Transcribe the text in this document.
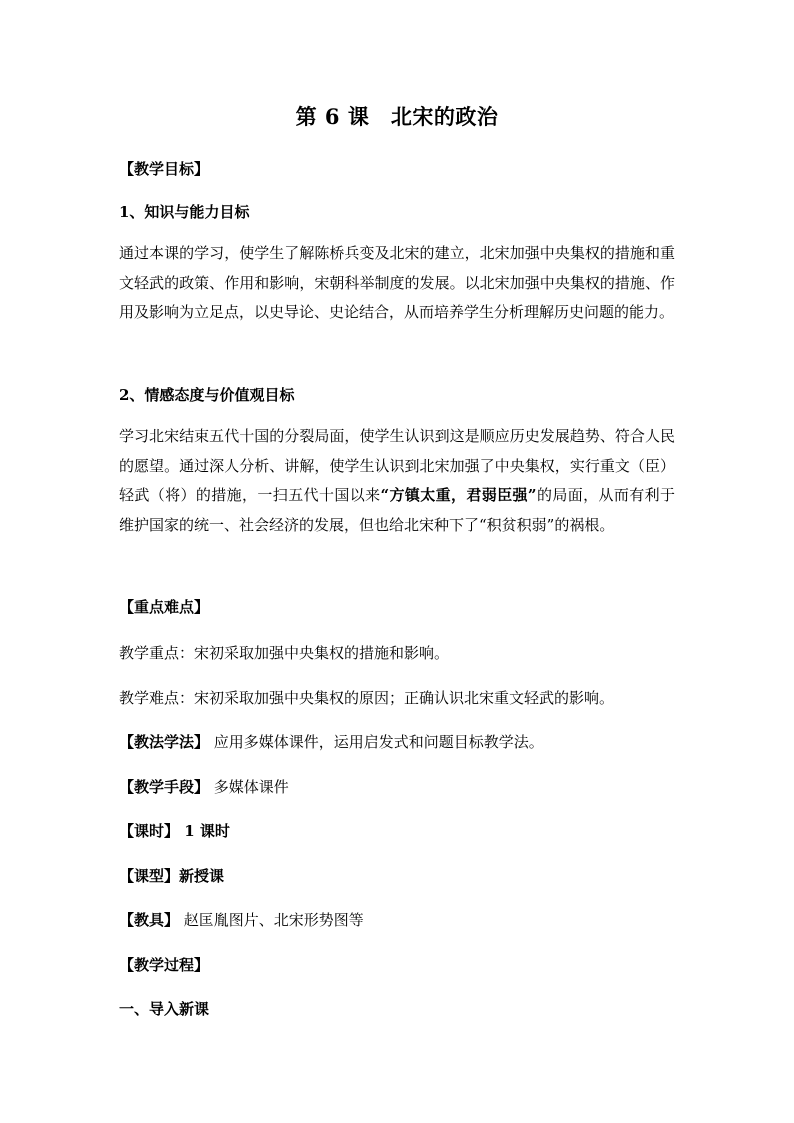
第 6 课　北宋的政治
【教学目标】
1、知识与能力目标
通过本课的学习，使学生了解陈桥兵变及北宋的建立，北宋加强中央集权的措施和重文轻武的政策、作用和影响，宋朝科举制度的发展。以北宋加强中央集权的措施、作用及影响为立足点，以史导论、史论结合，从而培养学生分析理解历史问题的能力。
2、情感态度与价值观目标
学习北宋结束五代十国的分裂局面，使学生认识到这是顺应历史发展趋势、符合人民的愿望。通过深人分析、讲解，使学生认识到北宋加强了中央集权，实行重文（臣）轻武（将）的措施，一扫五代十国以来“方镇太重，君弱臣强”的局面，从而有利于维护国家的统一、社会经济的发展，但也给北宋种下了“积贫积弱”的祸根。
【重点难点】
教学重点：宋初采取加强中央集权的措施和影响。
教学难点：宋初采取加强中央集权的原因；正确认识北宋重文轻武的影响。
【教法学法】 应用多媒体课件，运用启发式和问题目标教学法。
【教学手段】 多媒体课件
【课时】 1 课时
【课型】新授课
【教具】 赵匡胤图片、北宋形势图等
【教学过程】
一、导入新课
